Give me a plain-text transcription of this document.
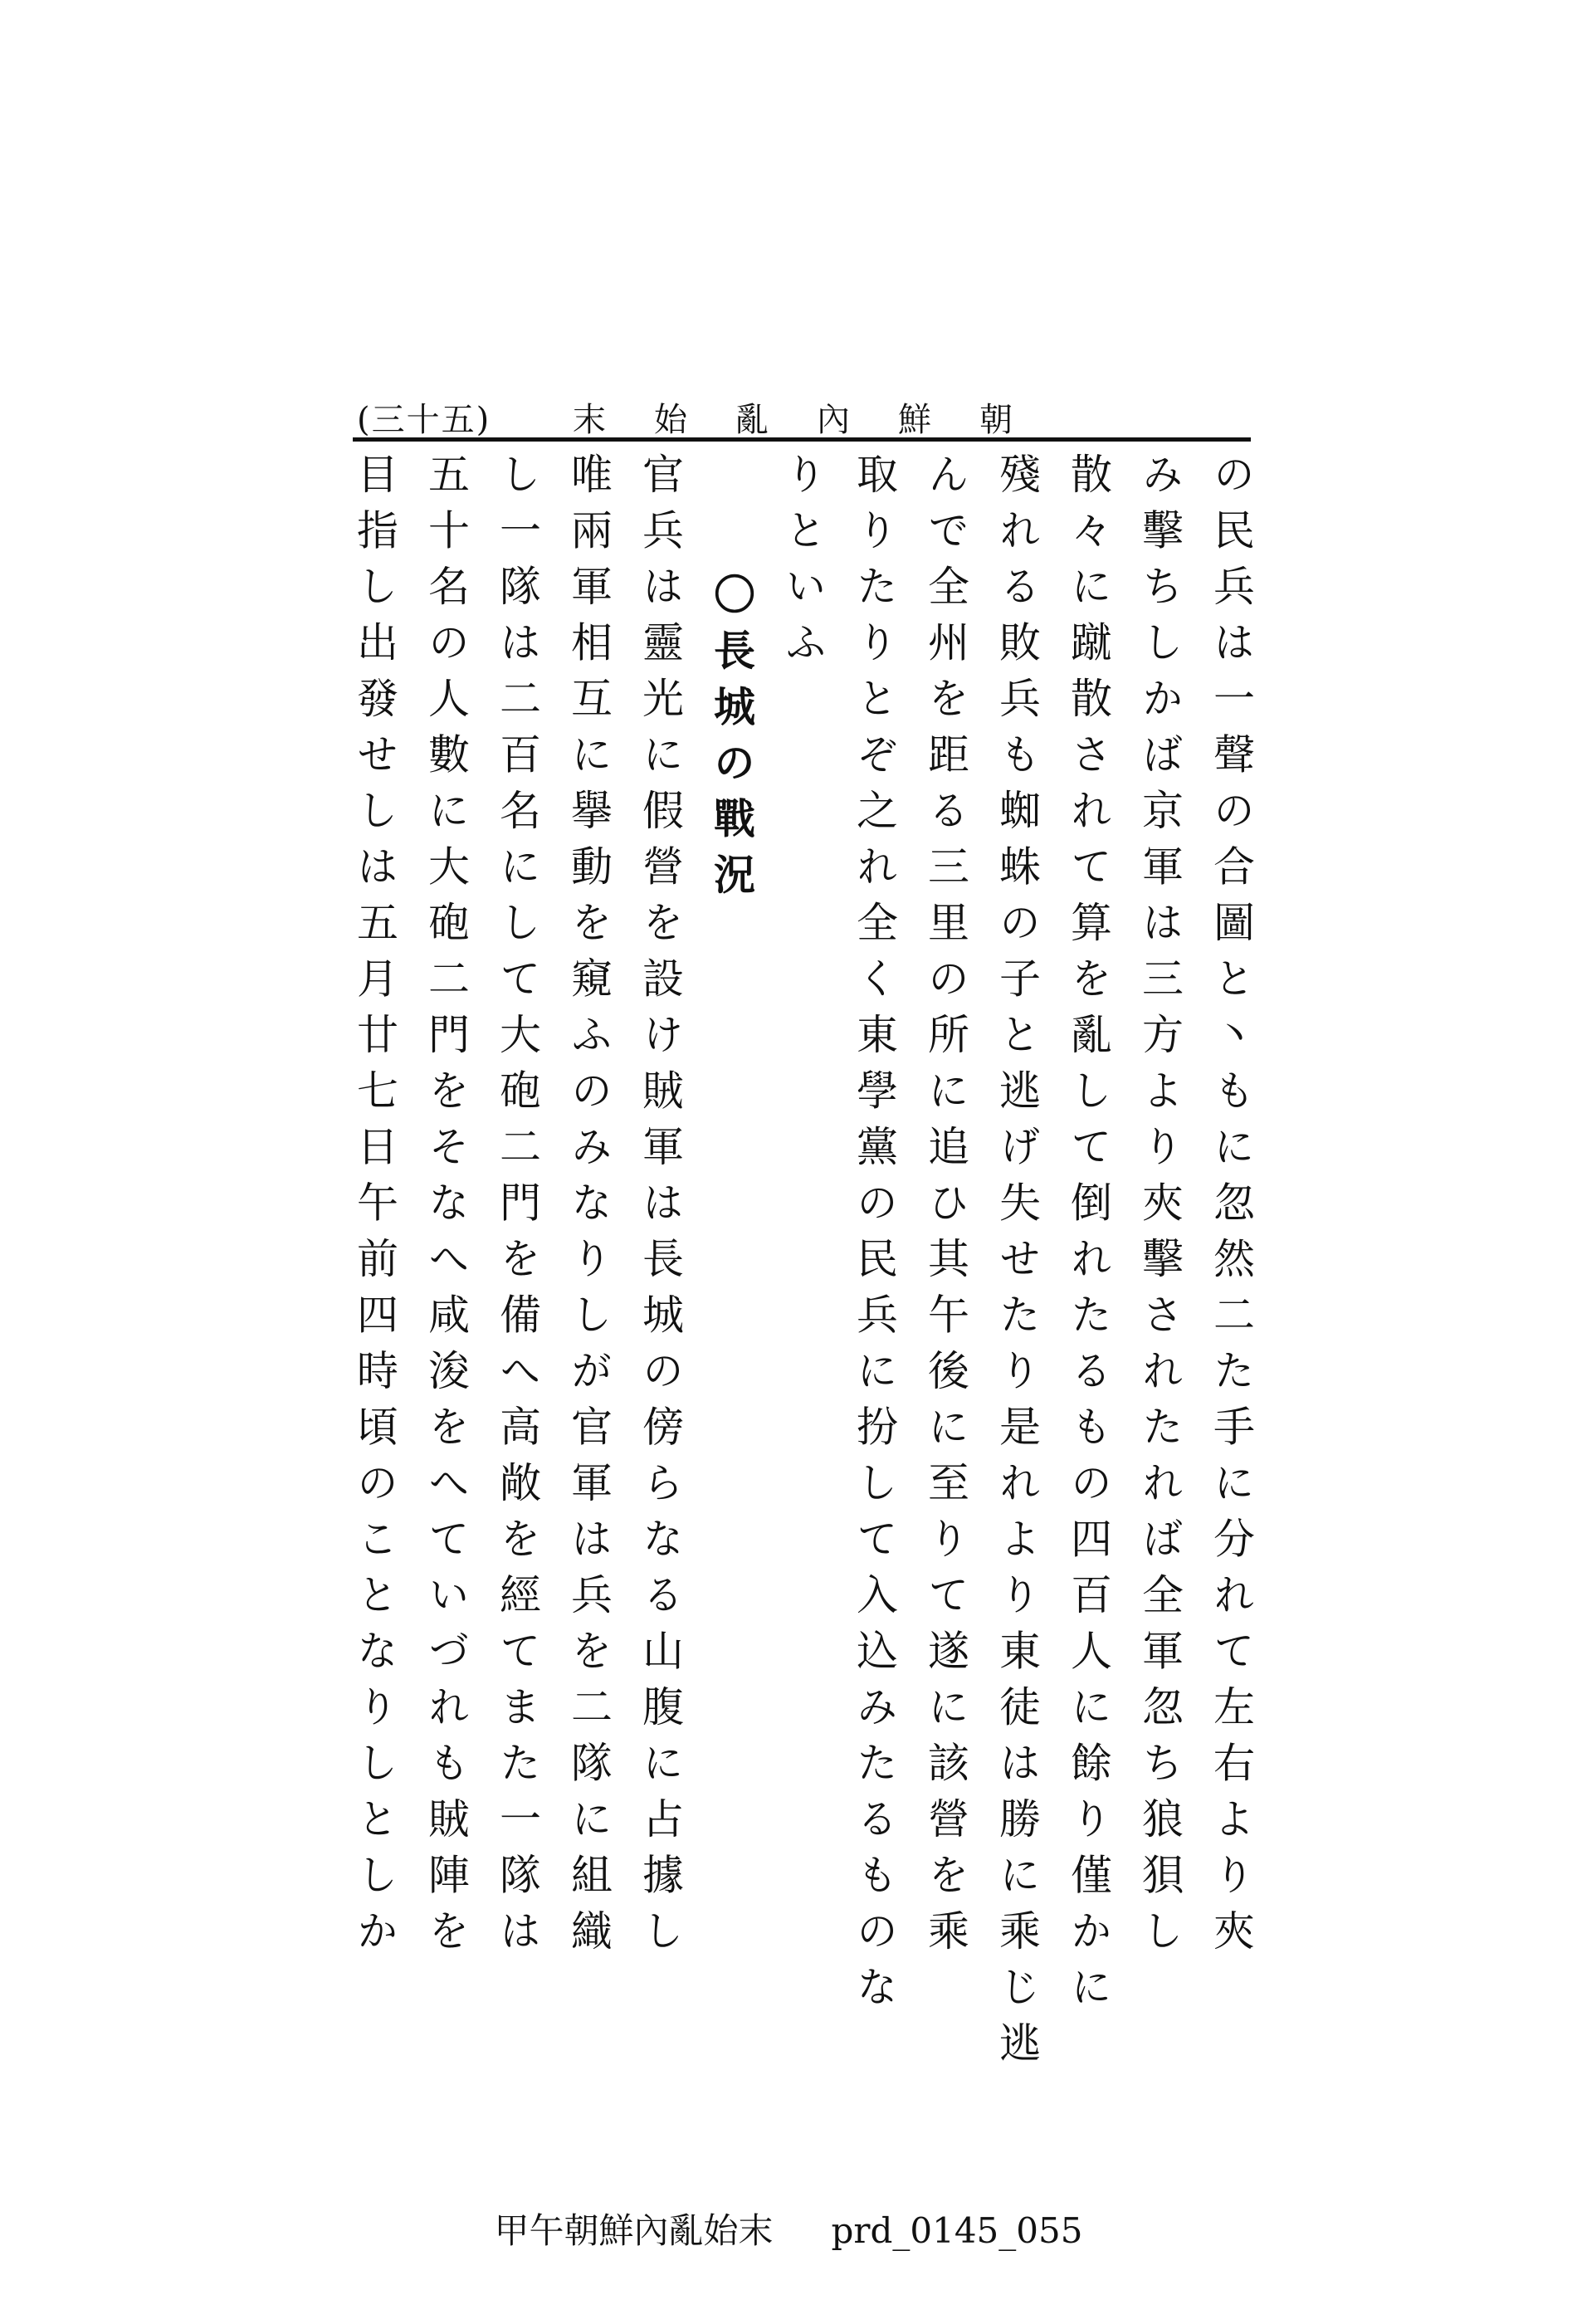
(三十五) 朝鮮內亂始末
の民兵は一聲の合圖と丶もに忽然二た手に分れて左右より夾
み擊ちしかば京軍は三方より夾擊されたれば全軍忽ち狼狽し
散々に蹴散されて算を亂して倒れたるもの四百人に餘り僅かに
殘れる敗兵も蜘蛛の子と逃げ失せたり是れより東徒は勝に乘じ逃
んで全州を距る三里の所に追ひ其午後に至りて遂に該營を乘
取りたりとぞ之れ全く東學黨の民兵に扮して入込みたるものな
りといふ
〇長城の戰況
官兵は靈光に假營を設け賊軍は長城の傍らなる山腹に占據し
唯兩軍相互に擧動を窺ふのみなりしが官軍は兵を二隊に組織
し一隊は二百名にして大砲二門を備へ高敞を經てまた一隊は
五十名の人數に大砲二門をそなへ咸浚をへていづれも賊陣を
目指し出發せしは五月廿七日午前四時頃のことなりしとしか
甲午朝鮮內亂始末 prd_0145_055
